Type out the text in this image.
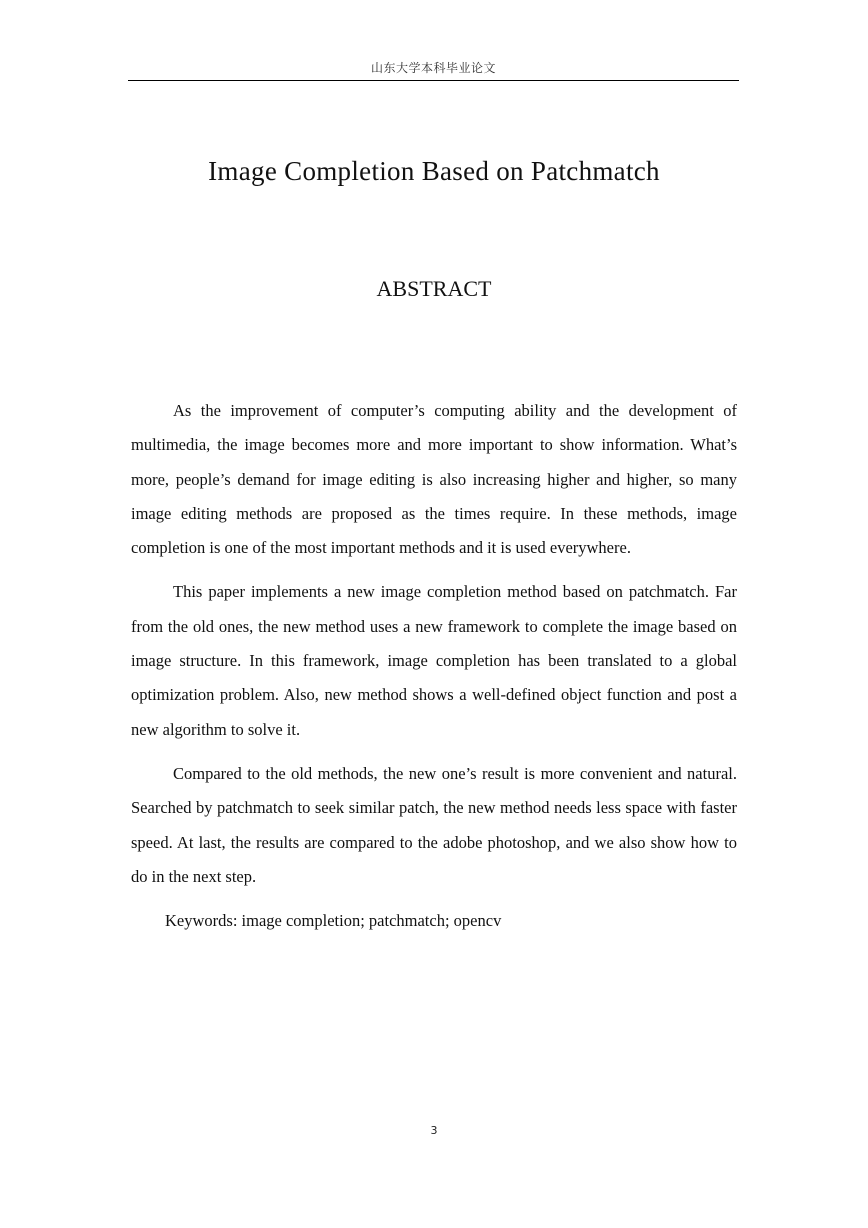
山东大学本科毕业论文
Image Completion Based on Patchmatch
ABSTRACT

As the improvement of computer’s computing ability and the development of multimedia, the image becomes more and more important to show information. What’s more, people’s demand for image editing is also increasing higher and higher, so many image editing methods are proposed as the times require. In these methods, image completion is one of the most important methods and it is used everywhere.

This paper implements a new image completion method based on patchmatch. Far from the old ones, the new method uses a new framework to complete the image based on image structure. In this framework, image completion has been translated to a global optimization problem. Also, new method shows a well-defined object function and post a new algorithm to solve it.

Compared to the old methods, the new one’s result is more convenient and natural. Searched by patchmatch to seek similar patch, the new method needs less space with faster speed. At last, the results are compared to the adobe photoshop, and we also show how to do in the next step.

Keywords: image completion; patchmatch; opencv

3
